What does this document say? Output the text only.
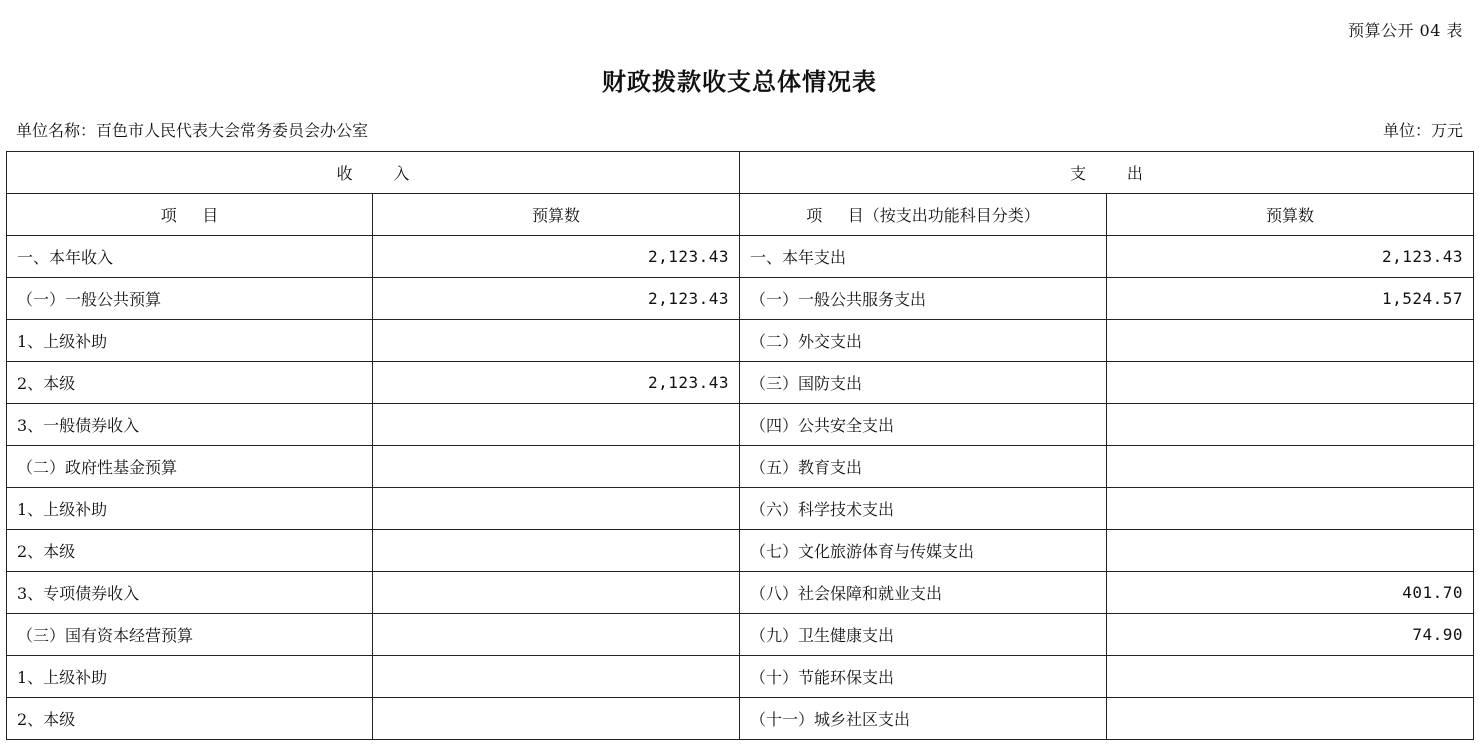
预算公开 04 表
财政拨款收支总体情况表
单位名称：百色市人民代表大会常务委员会办公室	单位：万元
收        入		支        出	
项     目	预算数	项     目（按支出功能科目分类）	预算数
一、本年收入	2,123.43	一、本年支出	2,123.43
（一）一般公共预算	2,123.43	（一）一般公共服务支出	1,524.57
1、上级补助		（二）外交支出	
2、本级	2,123.43	（三）国防支出	
3、一般债券收入		（四）公共安全支出	
（二）政府性基金预算		（五）教育支出	
1、上级补助		（六）科学技术支出	
2、本级		（七）文化旅游体育与传媒支出	
3、专项债券收入		（八）社会保障和就业支出	401.70
（三）国有资本经营预算		（九）卫生健康支出	74.90
1、上级补助		（十）节能环保支出	
2、本级		（十一）城乡社区支出	
